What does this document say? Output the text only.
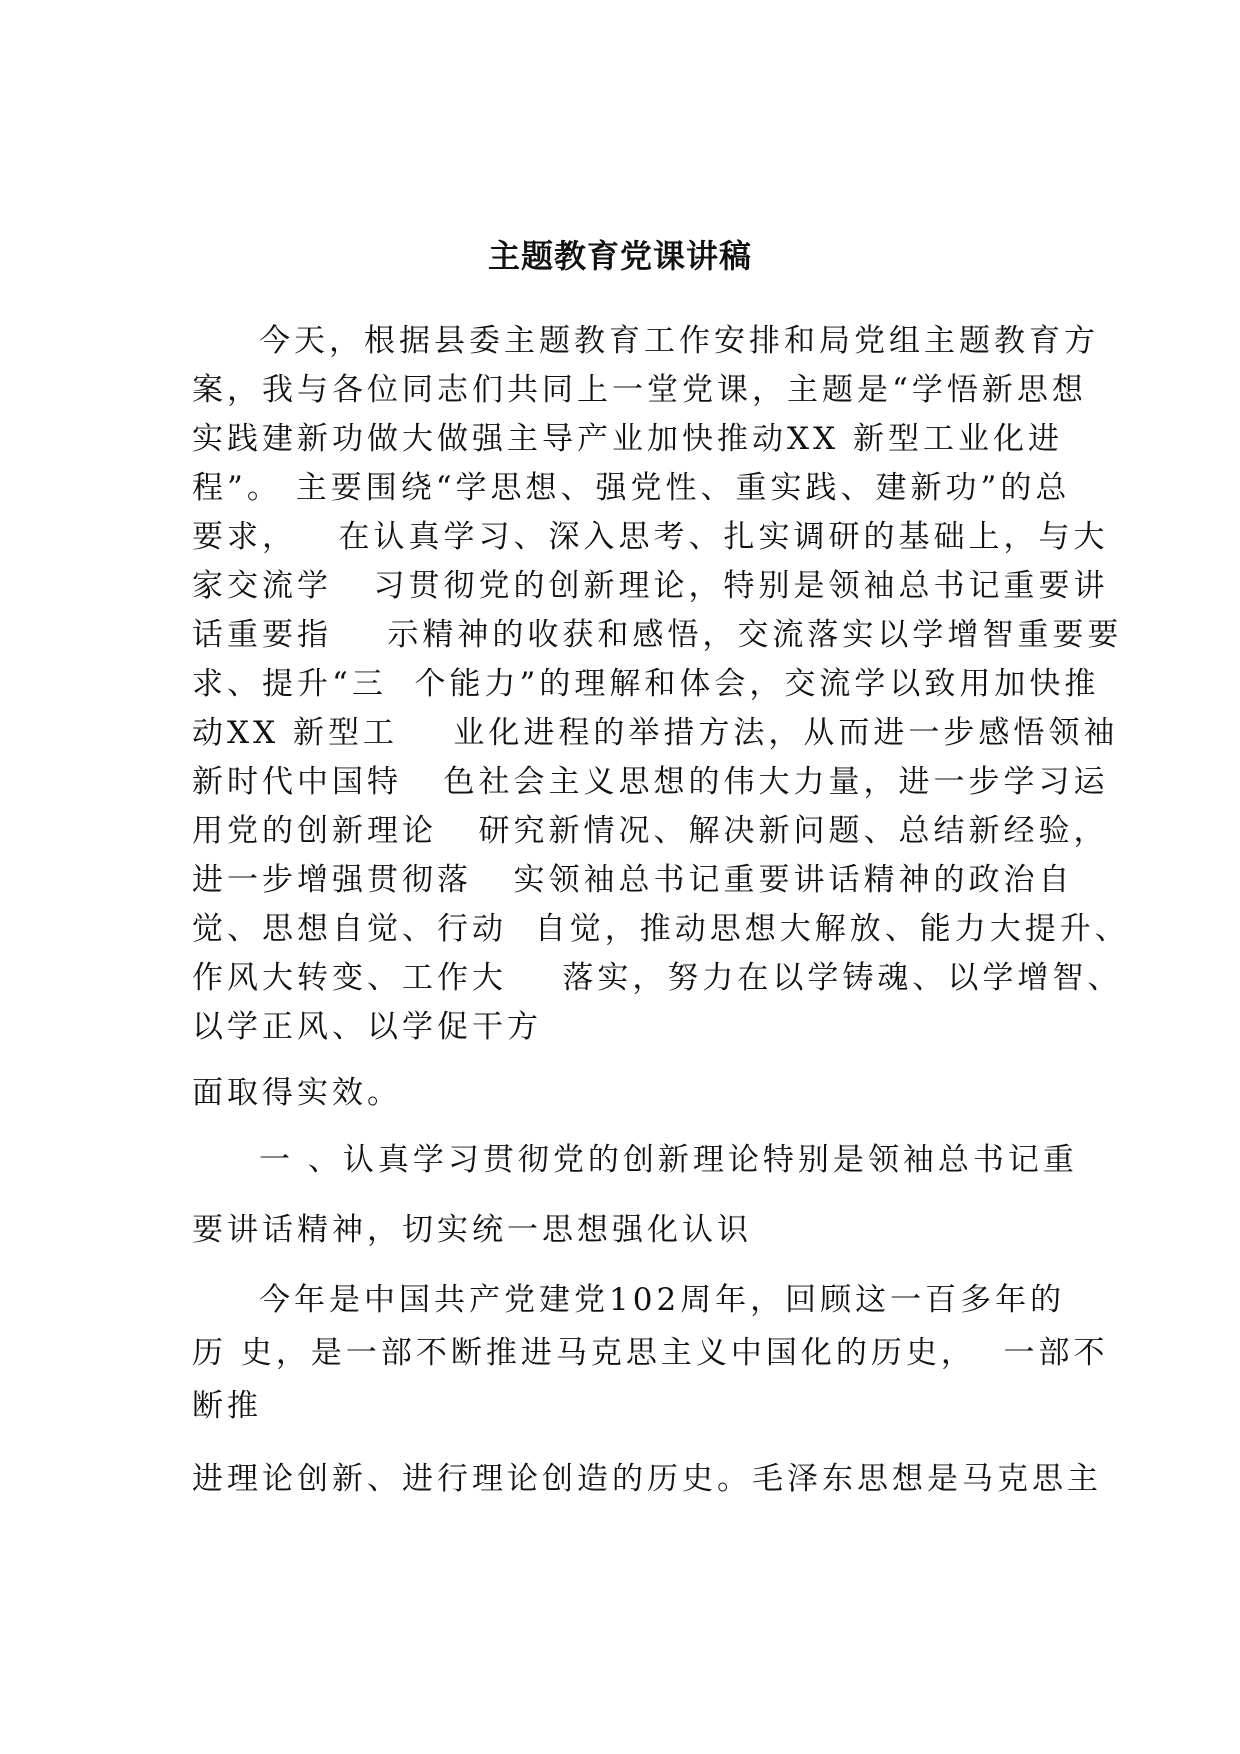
主题教育党课讲稿
今天，根据县委主题教育工作安排和局党组主题教育方
案，我与各位同志们共同上一堂党课，主题是“学悟新思想
实践建新功做大做强主导产业加快推动XX 新型工业化进
程”。 主要围绕“学思想、强党性、重实践、建新功”的总
要求，   在认真学习、深入思考、扎实调研的基础上，与大
家交流学   习贯彻党的创新理论，特别是领袖总书记重要讲
话重要指    示精神的收获和感悟，交流落实以学增智重要要
求、提升“三  个能力”的理解和体会，交流学以致用加快推
动XX 新型工    业化进程的举措方法，从而进一步感悟领袖
新时代中国特   色社会主义思想的伟大力量，进一步学习运
用党的创新理论   研究新情况、解决新问题、总结新经验，
进一步增强贯彻落   实领袖总书记重要讲话精神的政治自
觉、思想自觉、行动  自觉，推动思想大解放、能力大提升、
作风大转变、工作大    落实，努力在以学铸魂、以学增智、
以学正风、以学促干方
面取得实效。
一 、认真学习贯彻党的创新理论特别是领袖总书记重
要讲话精神，切实统一思想强化认识
今年是中国共产党建党102周年，回顾这一百多年的
历 史，是一部不断推进马克思主义中国化的历史，  一部不
断推
进理论创新、进行理论创造的历史。毛泽东思想是马克思主
